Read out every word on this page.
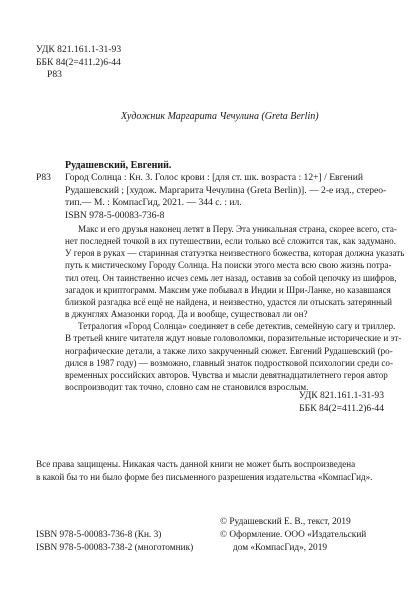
УДК 821.161.1-31-93
ББК 84(2=411.2)6-44
Р83
Художник Маргарита Чечулина (Greta Berlin)
Рудашевский, Евгений.
Р83 Город Солнца : Кн. 3. Голос крови : [для ст. шк. возраста : 12+] / Евгений
Рудашевский ; [худож. Маргарита Чечулина (Greta Berlin)]. — 2-е изд., стерео-
тип.— М. : КомпасГид, 2021. — 344 с. : ил.
ISBN 978-5-00083-736-8
Макс и его друзья наконец летят в Перу. Эта уникальная страна, скорее всего, ста-
нет последней точкой в их путешествии, если только всё сложится так, как задумано.
У героя в руках — старинная статуэтка неизвестного божества, которая должна указать
путь к мистическому Городу Солнца. На поиски этого места всю свою жизнь потра-
тил отец. Он таинственно исчез семь лет назад, оставив за собой цепочку из шифров,
загадок и криптограмм. Максим уже побывал в Индии и Шри-Ланке, но казавшаяся
близкой разгадка всё ещё не найдена, и неизвестно, удастся ли отыскать затерянный
в джунглях Амазонки город. Да и вообще, существовал ли он?
Тетралогия «Город Солнца» соединяет в себе детектив, семейную сагу и триллер.
В третьей книге читателя ждут новые головоломки, поразительные исторические и эт-
нографические детали, а также лихо закрученный сюжет. Евгений Рудашевский (ро-
дился в 1987 году) — возможно, главный знаток подростковой психологии среди со-
временных российских авторов. Чувства и мысли девятнадцатилетнего героя автор
воспроизводит так точно, словно сам не становился взрослым.
УДК 821.161.1-31-93
ББК 84(2=411.2)6-44
Все права защищены. Никакая часть данной книги не может быть воспроизведена
в какой бы то ни было форме без письменного разрешения издательства «КомпасГид».
ISBN 978-5-00083-736-8 (Кн. 3)
ISBN 978-5-00083-738-2 (многотомник)
© Рудашевский Е. В., текст, 2019
© Оформление. ООО «Издательский
дом «КомпасГид», 2019
